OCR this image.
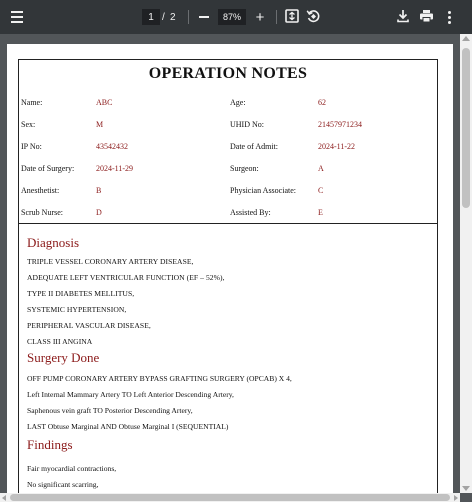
1
/ 2
87%	+
OPERATION NOTES
Name:	ABC	Age:	62
Sex:	M	UHID No:	21457971234
IP No:	43542432	Date of Admit:	2024-11-22
Date of Surgery:	2024-11-29	Surgeon:	A
Anesthetist:	B	Physician Associate:	C
Scrub Nurse:	D	Assisted By:	E
Diagnosis
TRIPLE VESSEL CORONARY ARTERY DISEASE,
ADEQUATE LEFT VENTRICULAR FUNCTION (EF – 52%),
TYPE II DIABETES MELLITUS,
SYSTEMIC HYPERTENSION,
PERIPHERAL VASCULAR DISEASE,
CLASS III ANGINA
Surgery Done
OFF PUMP CORONARY ARTERY BYPASS GRAFTING SURGERY (OPCAB) X 4,
Left Internal Mammary Artery TO Left Anterior Descending Artery,
Saphenous vein graft TO Posterior Descending Artery,
LAST Obtuse Marginal AND Obtuse Marginal I (SEQUENTIAL)
Findings
Fair myocardial contractions,
No significant scarring,
